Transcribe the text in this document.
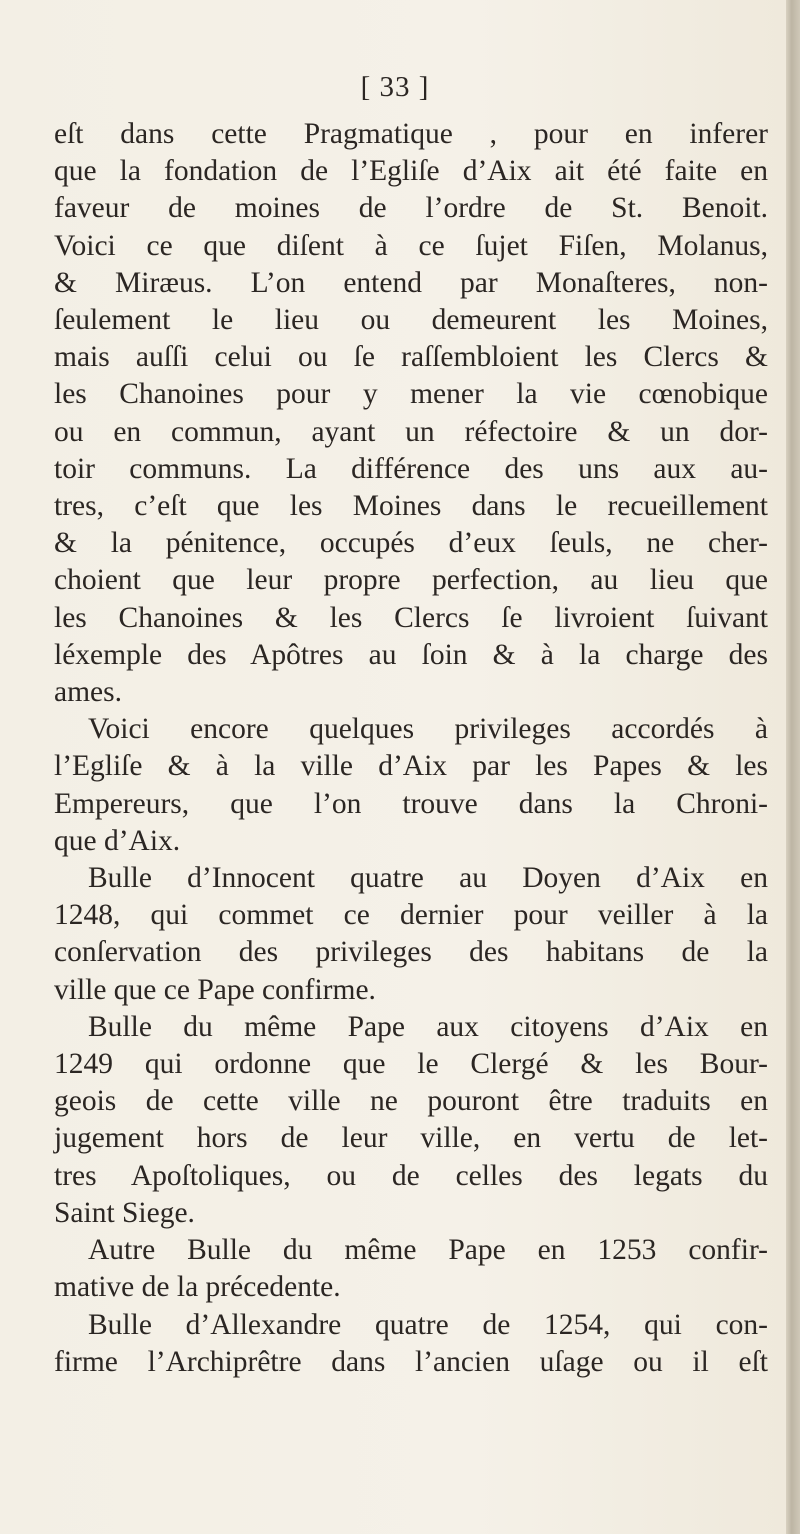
[ 33 ]
eſt dans cette Pragmatique , pour en inferer
que la fondation de l’Egliſe d’Aix ait été faite en
faveur de moines de l’ordre de St. Benoit.
Voici ce que diſent à ce ſujet Fiſen, Molanus,
& Miræus. L’on entend par Monaſteres, non-
ſeulement le lieu ou demeurent les Moines,
mais auſſi celui ou ſe raſſembloient les Clercs &
les Chanoines pour y mener la vie cœnobique
ou en commun, ayant un réfectoire & un dor-
toir communs. La différence des uns aux au-
tres, c’eſt que les Moines dans le recueillement
& la pénitence, occupés d’eux ſeuls, ne cher-
choient que leur propre perfection, au lieu que
les Chanoines & les Clercs ſe livroient ſuivant
léxemple des Apôtres au ſoin & à la charge des
ames.
Voici encore quelques privileges accordés à
l’Egliſe & à la ville d’Aix par les Papes & les
Empereurs, que l’on trouve dans la Chroni-
que d’Aix.
Bulle d’Innocent quatre au Doyen d’Aix en
1248, qui commet ce dernier pour veiller à la
conſervation des privileges des habitans de la
ville que ce Pape confirme.
Bulle du même Pape aux citoyens d’Aix en
1249 qui ordonne que le Clergé & les Bour-
geois de cette ville ne pouront être traduits en
jugement hors de leur ville, en vertu de let-
tres Apoſtoliques, ou de celles des legats du
Saint Siege.
Autre Bulle du même Pape en 1253 confir-
mative de la précedente.
Bulle d’Allexandre quatre de 1254, qui con-
firme l’Archiprêtre dans l’ancien uſage ou il eſt
